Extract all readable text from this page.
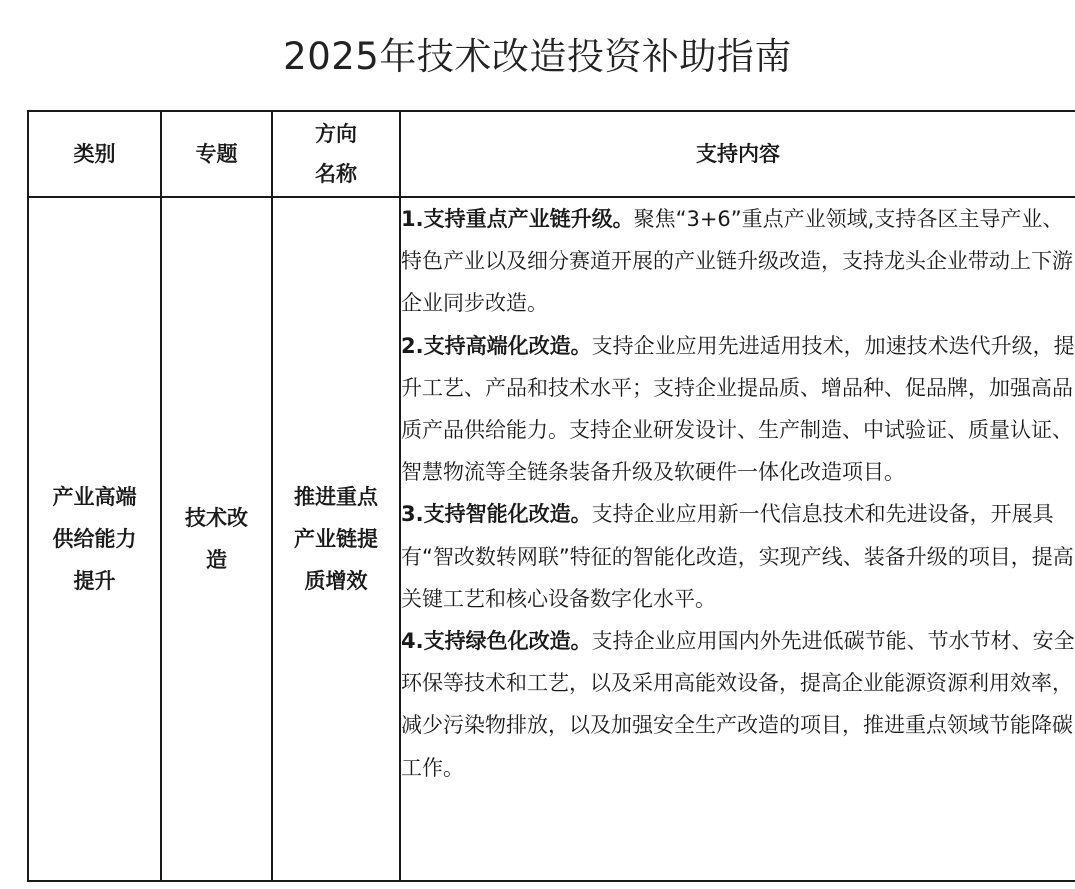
2025年技术改造投资补助指南
类别	专题	方向名称	支持内容

产业高端供给能力提升	技术改造	推进重点产业链提质增效	1.支持重点产业链升级。聚焦“3+6”重点产业领域,支持各区主导产业、特色产业以及细分赛道开展的产业链升级改造，支持龙头企业带动上下游企业同步改造。
2.支持高端化改造。支持企业应用先进适用技术，加速技术迭代升级，提升工艺、产品和技术水平；支持企业提品质、增品种、促品牌，加强高品质产品供给能力。支持企业研发设计、生产制造、中试验证、质量认证、智慧物流等全链条装备升级及软硬件一体化改造项目。
3.支持智能化改造。支持企业应用新一代信息技术和先进设备，开展具有“智改数转网联”特征的智能化改造，实现产线、装备升级的项目，提高关键工艺和核心设备数字化水平。
4.支持绿色化改造。支持企业应用国内外先进低碳节能、节水节材、安全环保等技术和工艺，以及采用高能效设备，提高企业能源资源利用效率，减少污染物排放，以及加强安全生产改造的项目，推进重点领域节能降碳工作。
